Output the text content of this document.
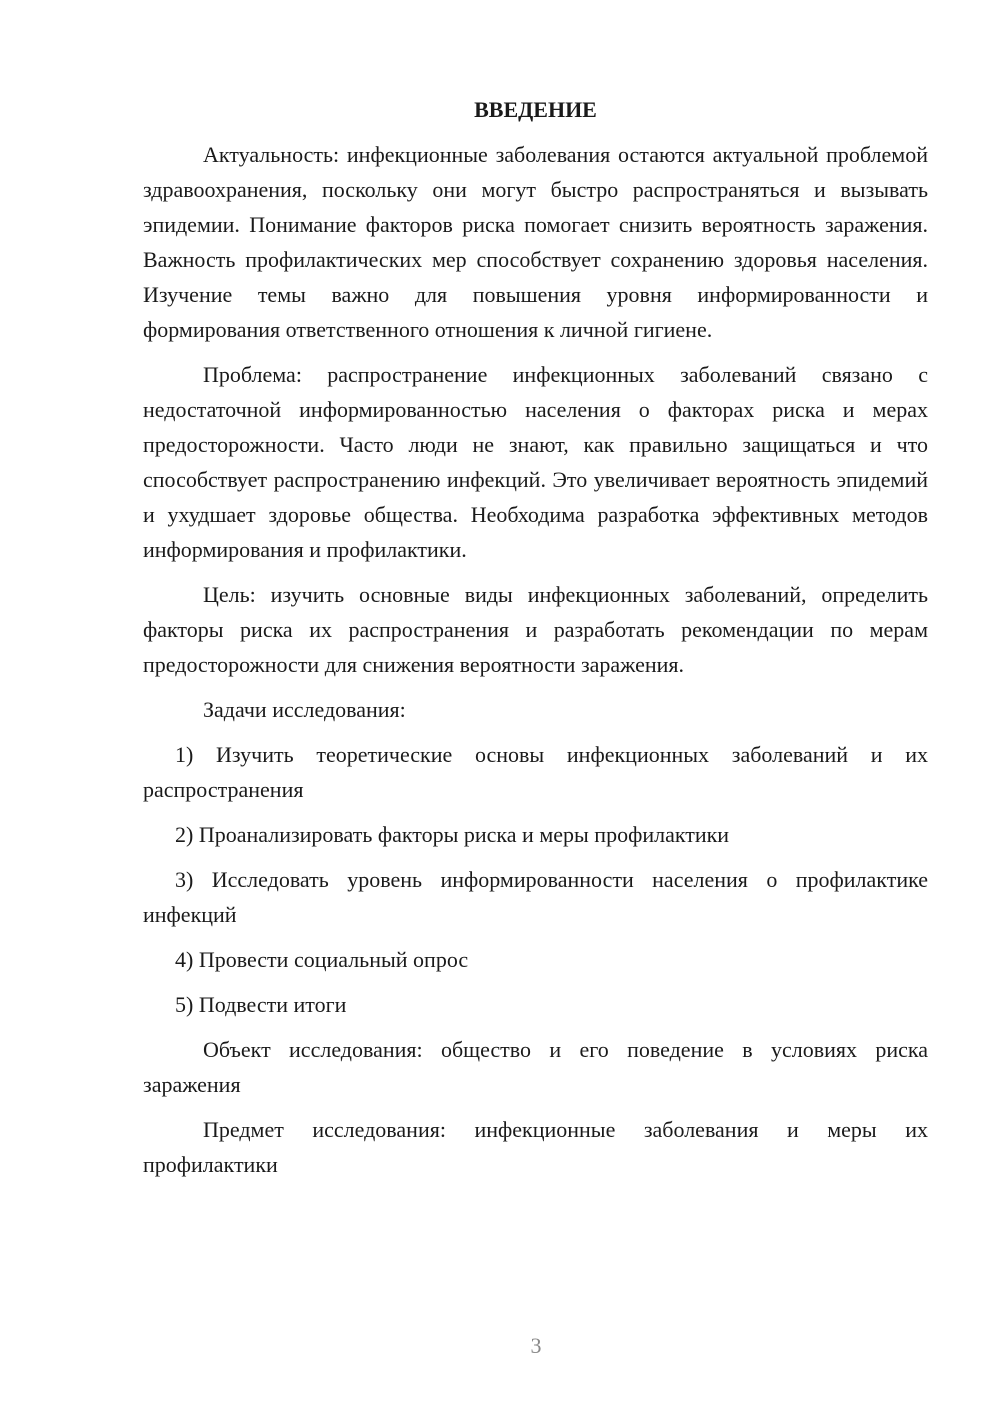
ВВЕДЕНИЕ
Актуальность: инфекционные заболевания остаются актуальной проблемой здравоохранения, поскольку они могут быстро распространяться и вызывать эпидемии. Понимание факторов риска помогает снизить вероятность заражения. Важность профилактических мер способствует сохранению здоровья населения. Изучение темы важно для повышения уровня информированности и формирования ответственного отношения к личной гигиене.
Проблема: распространение инфекционных заболеваний связано с недостаточной информированностью населения о факторах риска и мерах предосторожности. Часто люди не знают, как правильно защищаться и что способствует распространению инфекций. Это увеличивает вероятность эпидемий и ухудшает здоровье общества. Необходима разработка эффективных методов информирования и профилактики.
Цель: изучить основные виды инфекционных заболеваний, определить факторы риска их распространения и разработать рекомендации по мерам предосторожности для снижения вероятности заражения.
Задачи исследования:
1) Изучить теоретические основы инфекционных заболеваний и их распространения
2) Проанализировать факторы риска и меры профилактики
3) Исследовать уровень информированности населения о профилактике инфекций
4) Провести социальный опрос
5) Подвести итоги
Объект исследования: общество и его поведение в условиях риска заражения
Предмет исследования: инфекционные заболевания и меры их профилактики
3
